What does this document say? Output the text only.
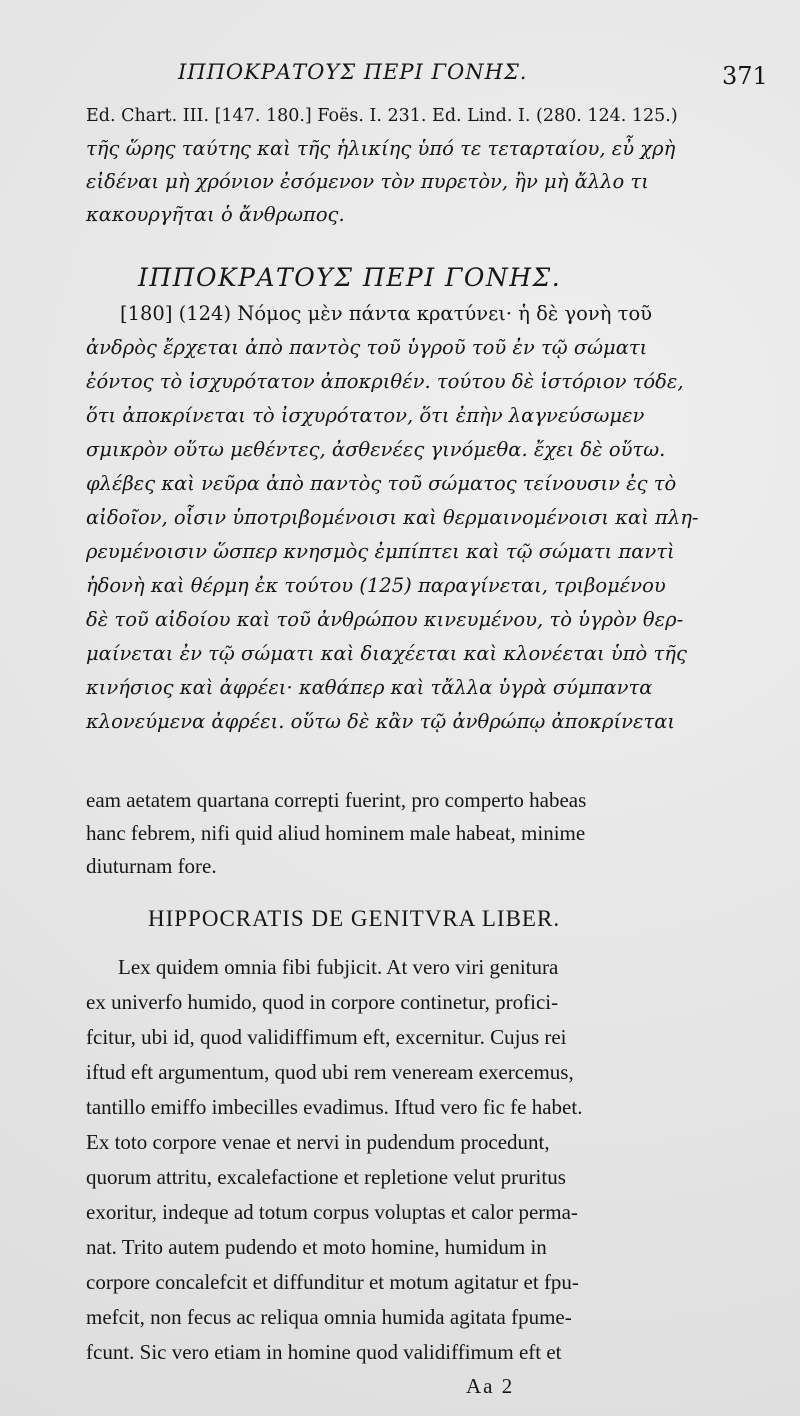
ΙΠΠΟΚΡΑΤΟΥΣ ΠΕΡΙ ΓΟΝΗΣ.	371
Ed. Chart. III. [147. 180.] Foës. I. 231. Ed. Lind. I. (280. 124. 125.)
τῆς ὥρης ταύτης καὶ τῆς ἡλικίης ὑπό τε τεταρταίου, εὖ χρὴ
εἰδέναι μὴ χρόνιον ἐσόμενον τὸν πυρετὸν, ἢν μὴ ἄλλο τι
κακουργῆται ὁ ἄνθρωπος.
ΙΠΠΟΚΡΑΤΟΥΣ ΠΕΡΙ ΓΟΝΗΣ.
[180] (124) Νόμος μὲν πάντα κρατύνει· ἡ δὲ γονὴ τοῦ
ἀνδρὸς ἔρχεται ἀπὸ παντὸς τοῦ ὑγροῦ τοῦ ἐν τῷ σώματι
ἐόντος τὸ ἰσχυρότατον ἀποκριθέν. τούτου δὲ ἱστόριον τόδε,
ὅτι ἀποκρίνεται τὸ ἰσχυρότατον, ὅτι ἐπὴν λαγνεύσωμεν
σμικρὸν οὕτω μεθέντες, ἀσθενέες γινόμεθα. ἔχει δὲ οὕτω.
φλέβες καὶ νεῦρα ἀπὸ παντὸς τοῦ σώματος τείνουσιν ἐς τὸ
αἰδοῖον, οἷσιν ὑποτριβομένοισι καὶ θερμαινομένοισι καὶ πλη-
ρευμένοισιν ὥσπερ κνησμὸς ἐμπίπτει καὶ τῷ σώματι παντὶ
ἡδονὴ καὶ θέρμη ἐκ τούτου (125) παραγίνεται, τριβομένου
δὲ τοῦ αἰδοίου καὶ τοῦ ἀνθρώπου κινευμένου, τὸ ὑγρὸν θερ-
μαίνεται ἐν τῷ σώματι καὶ διαχέεται καὶ κλονέεται ὑπὸ τῆς
κινήσιος καὶ ἀφρέει· καθάπερ καὶ τἄλλα ὑγρὰ σύμπαντα
κλονεύμενα ἀφρέει. οὕτω δὲ κἂν τῷ ἀνθρώπῳ ἀποκρίνεται
eam aetatem quartana correpti fuerint, pro comperto habeas
hanc febrem, nifi quid aliud hominem male habeat, minime
diuturnam fore.
HIPPOCRATIS DE GENITVRA LIBER.
Lex quidem omnia fibi fubjicit. At vero viri genitura
ex univerfo humido, quod in corpore continetur, profici-
fcitur, ubi id, quod validiffimum eft, excernitur. Cujus rei
iftud eft argumentum, quod ubi rem veneream exercemus,
tantillo emiffo imbecilles evadimus. Iftud vero fic fe habet.
Ex toto corpore venae et nervi in pudendum procedunt,
quorum attritu, excalefactione et repletione velut pruritus
exoritur, indeque ad totum corpus voluptas et calor perma-
nat. Trito autem pudendo et moto homine, humidum in
corpore concalefcit et diffunditur et motum agitatur et fpu-
mefcit, non fecus ac reliqua omnia humida agitata fpume-
fcunt. Sic vero etiam in homine quod validiffimum eft et
Aa 2
